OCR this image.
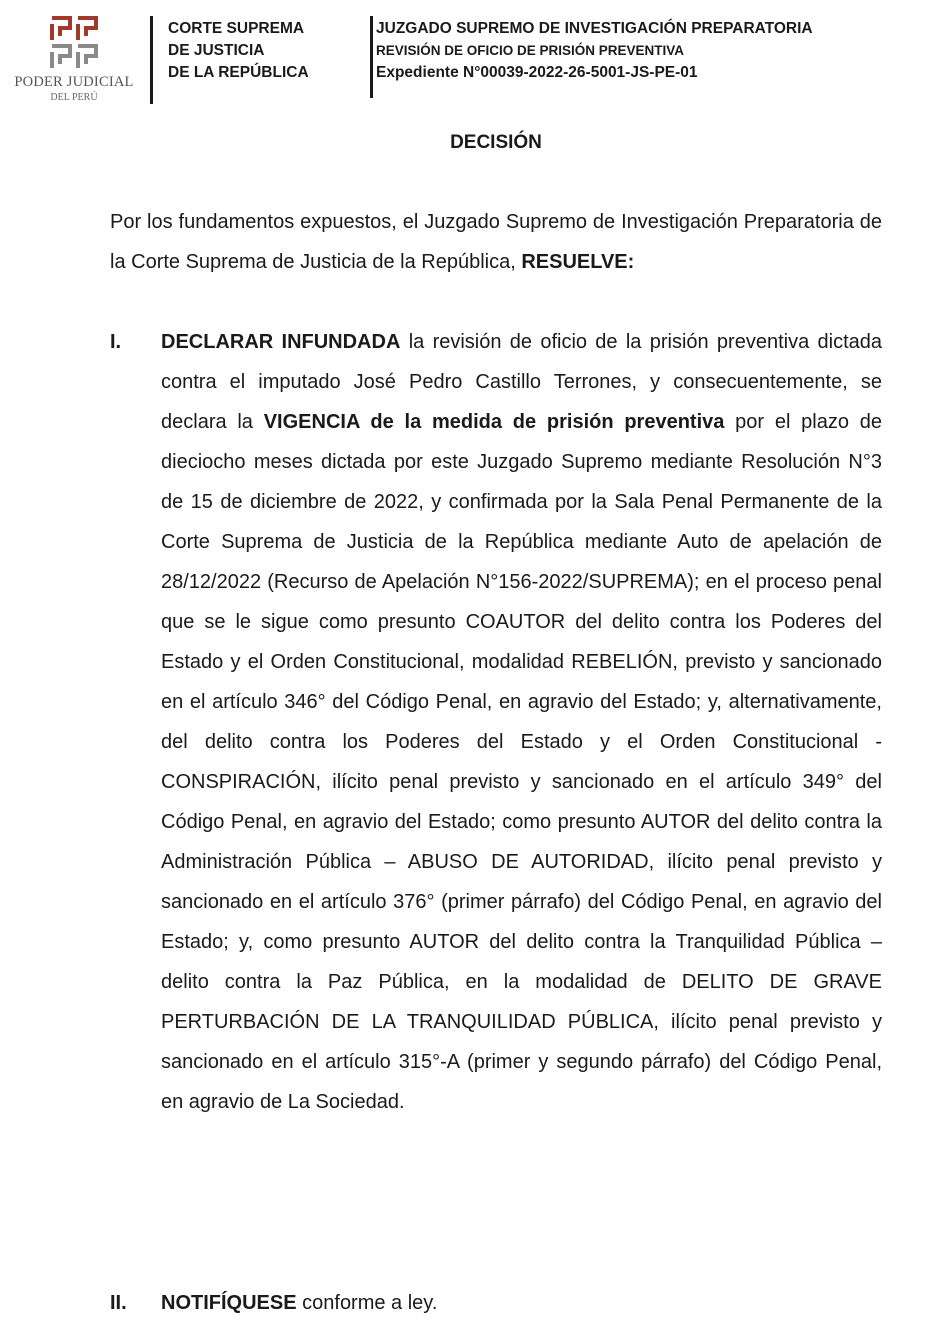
PODER JUDICIAL
DEL PERÚ
CORTE SUPREMA
DE JUSTICIA
DE LA REPÚBLICA
JUZGADO SUPREMO DE INVESTIGACIÓN PREPARATORIA
REVISIÓN DE OFICIO DE PRISIÓN PREVENTIVA
Expediente N°00039-2022-26-5001-JS-PE-01
DECISIÓN
Por los fundamentos expuestos, el Juzgado Supremo de Investigación Preparatoria de la Corte Suprema de Justicia de la República, RESUELVE:
I. DECLARAR INFUNDADA la revisión de oficio de la prisión preventiva dictada contra el imputado José Pedro Castillo Terrones, y consecuentemente, se declara la VIGENCIA de la medida de prisión preventiva por el plazo de dieciocho meses dictada por este Juzgado Supremo mediante Resolución N°3 de 15 de diciembre de 2022, y confirmada por la Sala Penal Permanente de la Corte Suprema de Justicia de la República mediante Auto de apelación de 28/12/2022 (Recurso de Apelación N°156-2022/SUPREMA); en el proceso penal que se le sigue como presunto COAUTOR del delito contra los Poderes del Estado y el Orden Constitucional, modalidad REBELIÓN, previsto y sancionado en el artículo 346° del Código Penal, en agravio del Estado; y, alternativamente, del delito contra los Poderes del Estado y el Orden Constitucional - CONSPIRACIÓN, ilícito penal previsto y sancionado en el artículo 349° del Código Penal, en agravio del Estado; como presunto AUTOR del delito contra la Administración Pública – ABUSO DE AUTORIDAD, ilícito penal previsto y sancionado en el artículo 376° (primer párrafo) del Código Penal, en agravio del Estado; y, como presunto AUTOR del delito contra la Tranquilidad Pública – delito contra la Paz Pública, en la modalidad de DELITO DE GRAVE PERTURBACIÓN DE LA TRANQUILIDAD PÚBLICA, ilícito penal previsto y sancionado en el artículo 315°-A (primer y segundo párrafo) del Código Penal, en agravio de La Sociedad.
II. NOTIFÍQUESE conforme a ley.
